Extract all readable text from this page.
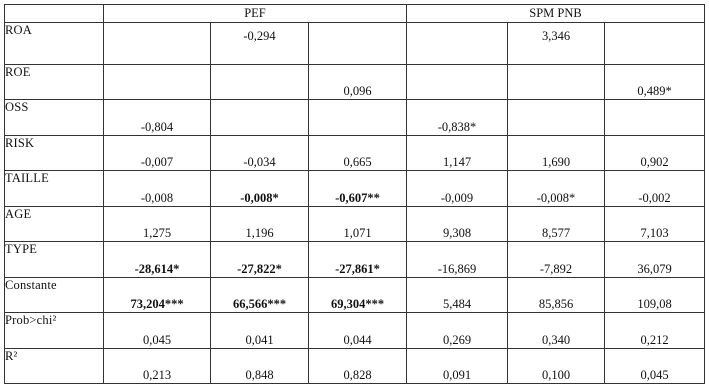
	PEF			SPM PNB		
ROA		-0,294			3,346	
ROE			0,096			0,489*
OSS	-0,804			-0,838*		
RISK	-0,007	-0,034	0,665	1,147	1,690	0,902
TAILLE	-0,008	-0,008*	-0,607**	-0,009	-0,008*	-0,002
AGE	1,275	1,196	1,071	9,308	8,577	7,103
TYPE	-28,614*	-27,822*	-27,861*	-16,869	-7,892	36,079
Constante	73,204***	66,566***	69,304***	5,484	85,856	109,08
Prob>chi²	0,045	0,041	0,044	0,269	0,340	0,212
R²	0,213	0,848	0,828	0,091	0,100	0,045
